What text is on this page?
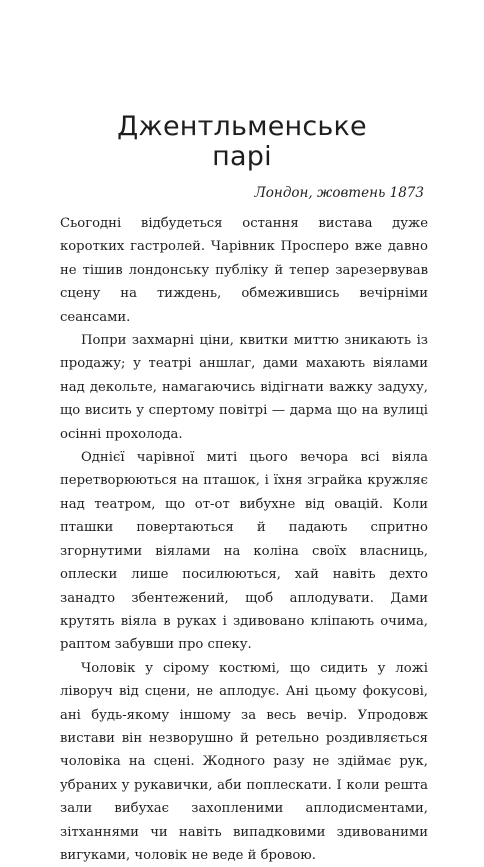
Джентльменське
парі

Лондон, жовтень 1873

Сьогодні відбудеться остання вистава дуже коротких гастролей. Чарівник Просперо вже давно не тішив лондонську публіку й тепер зарезервував сцену на тиждень, обмежившись вечірніми сеансами.

Попри захмарні ціни, квитки миттю зникають із продажу; у театрі аншлаг, дами махають віялами над декольте, намагаючись відігнати важку задуху, що висить у спертому повітрі — дарма що на вулиці осінні прохолода.

Однієї чарівної миті цього вечора всі віяла перетворюються на пташок, і їхня зграйка кружляє над театром, що от-от вибухне від овацій. Коли пташки повертаються й падають спритно згорнутими віялами на коліна своїх власниць, оплески лише посилюються, хай навіть дехто занадто збентежений, щоб аплодувати. Дами крутять віяла в руках і здивовано кліпають очима, раптом забувши про спеку.

Чоловік у сірому костюмі, що сидить у ложі ліворуч від сцени, не аплодує. Ані цьому фокусові, ані будь-якому іншому за весь вечір. Упродовж вистави він незворушно й ретельно роздивляється чоловіка на сцені. Жодного разу не здіймає рук, убраних у рукавички, аби поплескати. І коли решта зали вибухає захопленими аплодисментами, зітханнями чи навіть випадковими здивованими вигуками, чоловік не веде й бровою.
